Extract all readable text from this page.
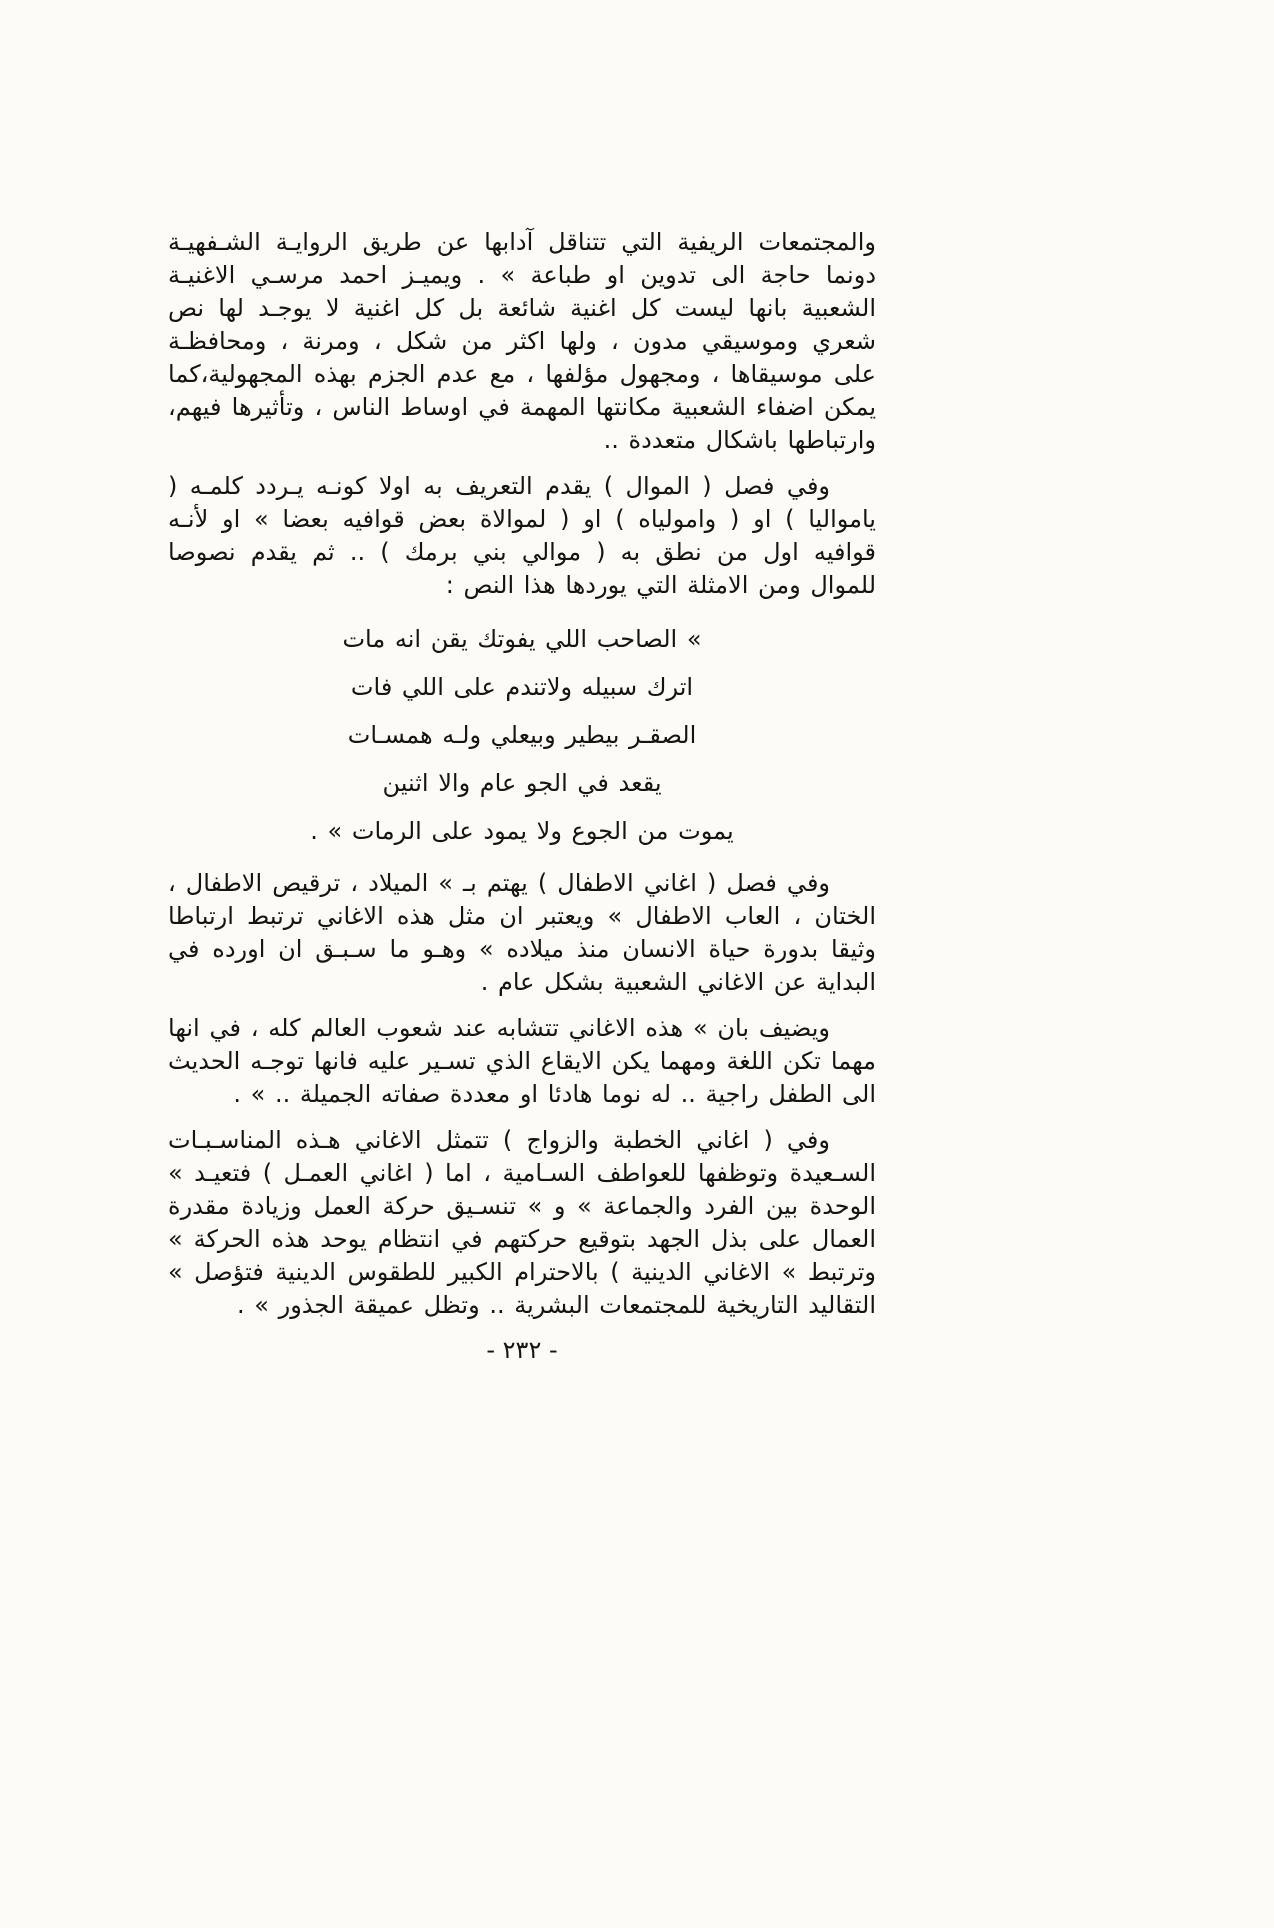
والمجتمعات الريفية التي تتناقل آدابها عن طريق الروايـة الشـفهيـة دونما حاجة الى تدوين او طباعة » . ويميـز احمد مرسـي الاغنيـة الشعبية بانها ليست كل اغنية شائعة بل كل اغنية لا يوجـد لها نص شعري وموسيقي مدون ، ولها اكثر من شكل ، ومرنة ، ومحافظـة على موسيقاها ، ومجهول مؤلفها ، مع عدم الجزم بهذه المجهولية،كما يمكن اضفاء الشعبية مكانتها المهمة في اوساط الناس ، وتأثيرها فيهم، وارتباطها باشكال متعددة ..

وفي فصل ( الموال ) يقدم التعريف به اولا كونـه يـردد كلمـه ( يامواليا ) او ( وامولياه ) او ( لموالاة بعض قوافيه بعضا » او لأنـه قوافيه اول من نطق به ( موالي بني برمك ) .. ثم يقدم نصوصا للموال ومن الامثلة التي يوردها هذا النص :

» الصاحب اللي يفوتك يقن انه مات

اترك سبيله ولاتندم على اللي فات

الصقـر بيطير وبيعلي ولـه همسـات

يقعد في الجو عام والا اثنين

يموت من الجوع ولا يمود على الرمات » .

وفي فصل ( اغاني الاطفال ) يهتم بـ » الميلاد ، ترقيص الاطفال ، الختان ، العاب الاطفال » ويعتبر ان مثل هذه الاغاني ترتبط ارتباطا وثيقا بدورة حياة الانسان منذ ميلاده » وهـو ما سـبـق ان اورده في البداية عن الاغاني الشعبية بشكل عام .

ويضيف بان » هذه الاغاني تتشابه عند شعوب العالم كله ، في انها مهما تكن اللغة ومهما يكن الايقاع الذي تسـير عليه فانها توجـه الحديث الى الطفل راجية .. له نوما هادئا او معددة صفاته الجميلة .. » .

وفي ( اغاني الخطبة والزواج ) تتمثل الاغاني هـذه المناسـبـات السـعيدة وتوظفها للعواطف السـامية ، اما ( اغاني العمـل ) فتعيـد » الوحدة بين الفرد والجماعة » و » تنسـيق حركة العمل وزيادة مقدرة العمال على بذل الجهد بتوقيع حركتهم في انتظام يوحد هذه الحركة » وترتبط » الاغاني الدينية ) بالاحترام الكبير للطقوس الدينية فتؤصل » التقاليد التاريخية للمجتمعات البشرية .. وتظل عميقة الجذور » .

- ٢٣٢ -
